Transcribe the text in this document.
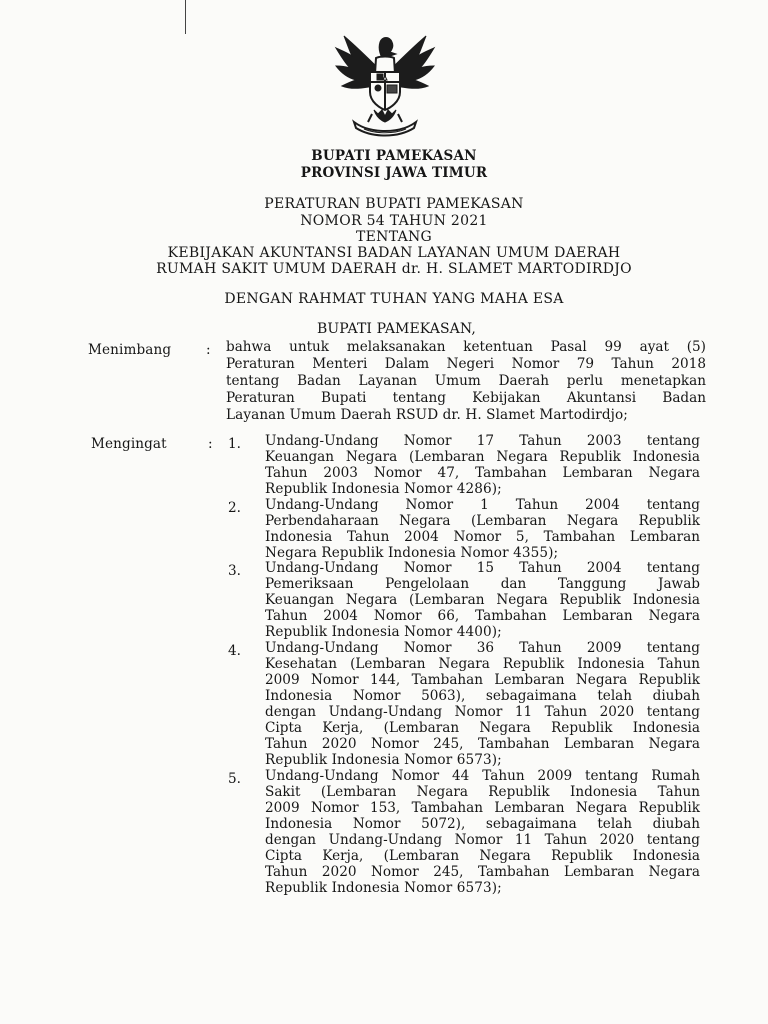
BUPATI PAMEKASAN
PROVINSI JAWA TIMUR
PERATURAN BUPATI PAMEKASAN
NOMOR 54 TAHUN 2021
TENTANG
KEBIJAKAN AKUNTANSI BADAN LAYANAN UMUM DAERAH
RUMAH SAKIT UMUM DAERAH dr. H. SLAMET MARTODIRDJO
DENGAN RAHMAT TUHAN YANG MAHA ESA
BUPATI PAMEKASAN,
Menimbang	: bahwa untuk melaksanakan ketentuan Pasal 99 ayat (5)
Peraturan Menteri Dalam Negeri Nomor 79 Tahun 2018
tentang Badan Layanan Umum Daerah perlu menetapkan
Peraturan Bupati tentang Kebijakan Akuntansi Badan
Layanan Umum Daerah RSUD dr. H. Slamet Martodirdjo;
Mengingat	: 1. Undang-Undang Nomor 17 Tahun 2003 tentang
Keuangan Negara (Lembaran Negara Republik Indonesia
Tahun 2003 Nomor 47, Tambahan Lembaran Negara
Republik Indonesia Nomor 4286);
2. Undang-Undang Nomor 1 Tahun 2004 tentang
Perbendaharaan Negara (Lembaran Negara Republik
Indonesia Tahun 2004 Nomor 5, Tambahan Lembaran
Negara Republik Indonesia Nomor 4355);
3. Undang-Undang Nomor 15 Tahun 2004 tentang
Pemeriksaan Pengelolaan dan Tanggung Jawab
Keuangan Negara (Lembaran Negara Republik Indonesia
Tahun 2004 Nomor 66, Tambahan Lembaran Negara
Republik Indonesia Nomor 4400);
4. Undang-Undang Nomor 36 Tahun 2009 tentang
Kesehatan (Lembaran Negara Republik Indonesia Tahun
2009 Nomor 144, Tambahan Lembaran Negara Republik
Indonesia Nomor 5063), sebagaimana telah diubah
dengan Undang-Undang Nomor 11 Tahun 2020 tentang
Cipta Kerja, (Lembaran Negara Republik Indonesia
Tahun 2020 Nomor 245, Tambahan Lembaran Negara
Republik Indonesia Nomor 6573);
5. Undang-Undang Nomor 44 Tahun 2009 tentang Rumah
Sakit (Lembaran Negara Republik Indonesia Tahun
2009 Nomor 153, Tambahan Lembaran Negara Republik
Indonesia Nomor 5072), sebagaimana telah diubah
dengan Undang-Undang Nomor 11 Tahun 2020 tentang
Cipta Kerja, (Lembaran Negara Republik Indonesia
Tahun 2020 Nomor 245, Tambahan Lembaran Negara
Republik Indonesia Nomor 6573);
